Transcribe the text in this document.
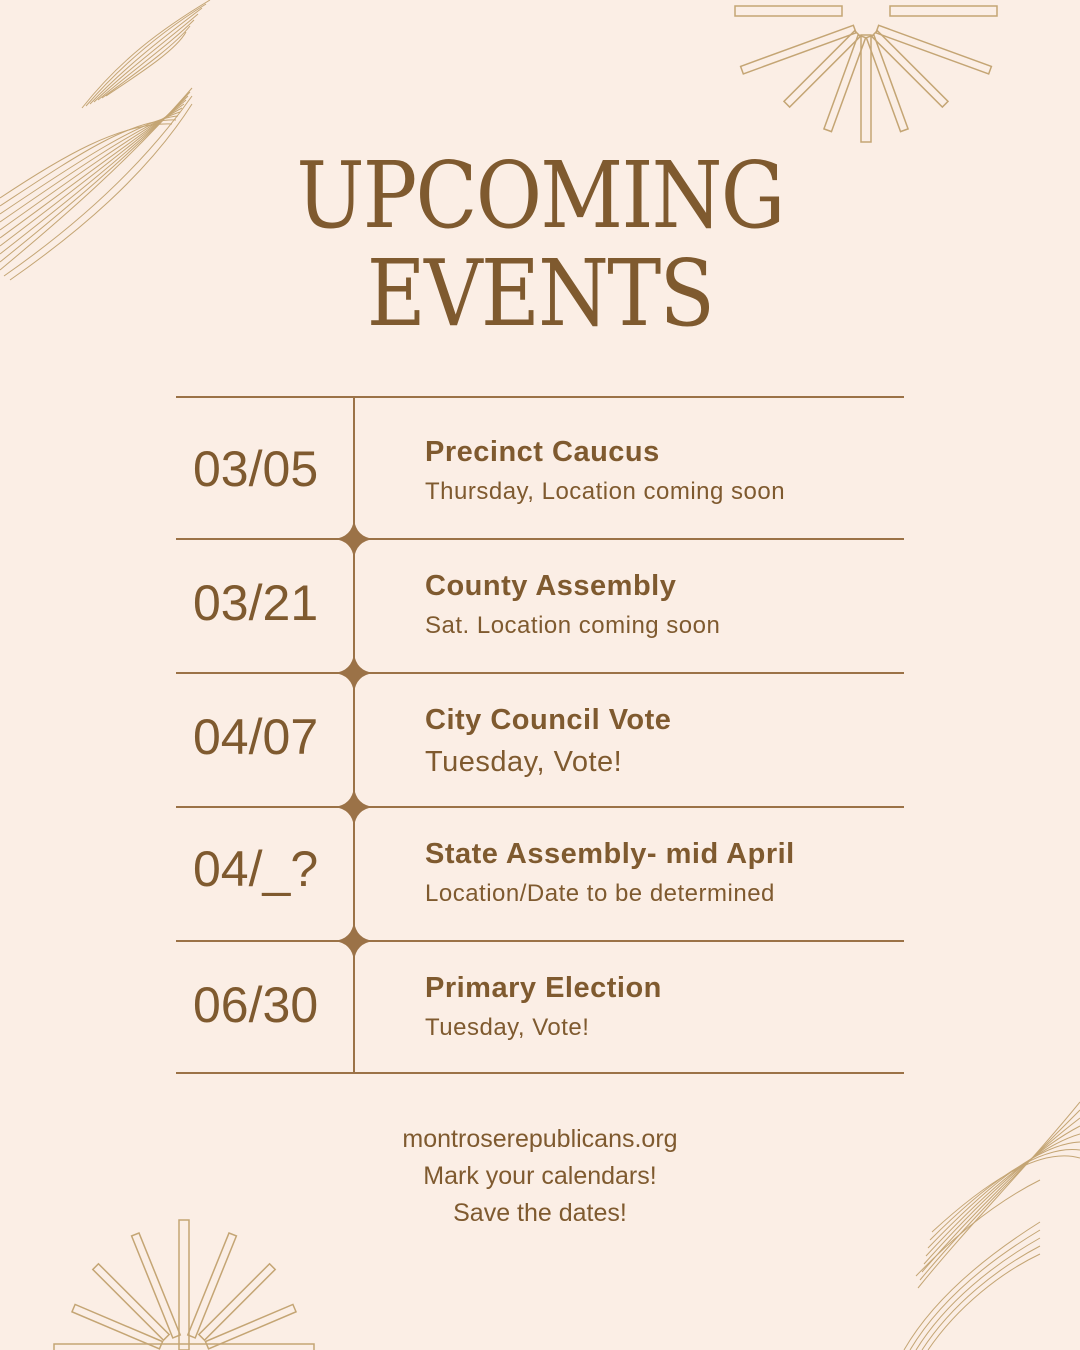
UPCOMING
EVENTS
03/05	Precinct Caucus
Thursday, Location coming soon
03/21	County Assembly
Sat. Location coming soon
04/07	City Council Vote
Tuesday, Vote!
04/_?	State Assembly- mid April
Location/Date to be determined
06/30	Primary Election
Tuesday, Vote!
montroserepublicans.org
Mark your calendars!
Save the dates!
